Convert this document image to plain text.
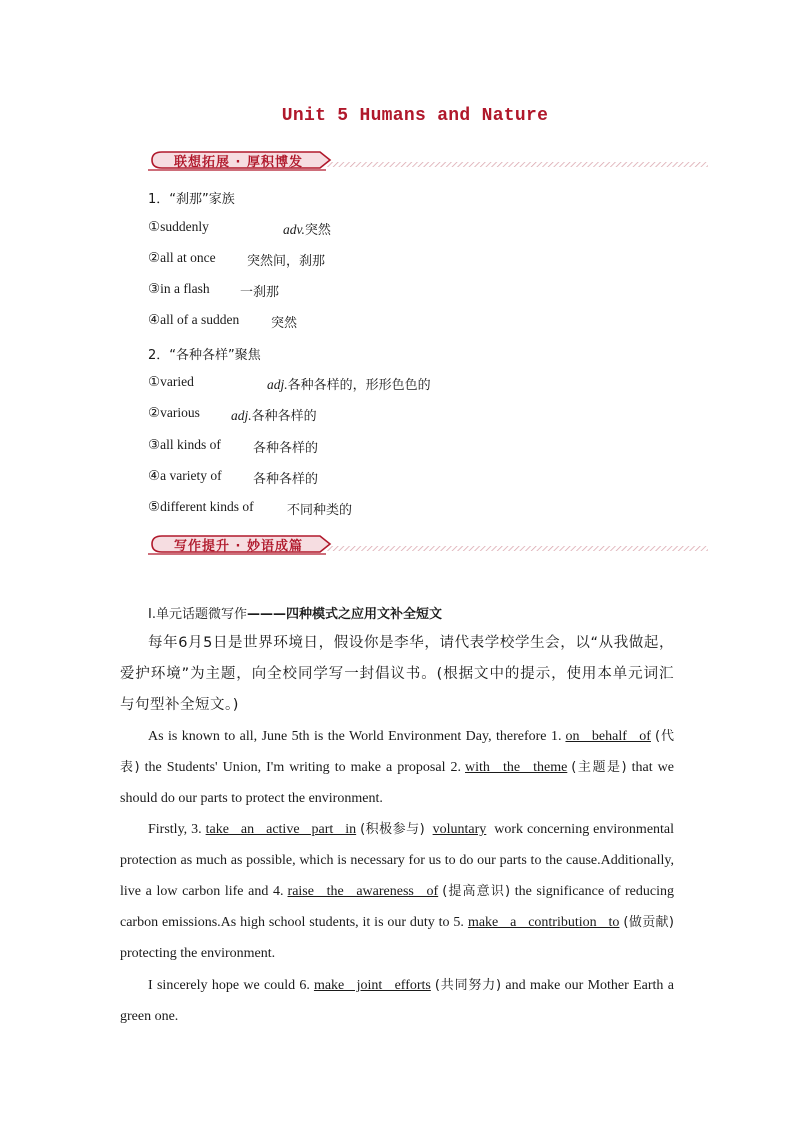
Unit 5 Humans and Nature
联想拓展 · 厚积博发
1．“刹那”家族
①suddenly	adv.突然
②all at once 突然间，刹那
③in a flash 一刹那
④all of a sudden 突然
2．“各种各样”聚焦
①varied	adj.各种各样的，形形色色的
②various adj.各种各样的
③all kinds of 各种各样的
④a variety of 各种各样的
⑤different kinds of	不同种类的
写作提升 · 妙语成篇
Ⅰ.单元话题微写作———四种模式之应用文补全短文
每年6月5日是世界环境日，假设你是李华，请代表学校学生会，以“从我做起，爱护环境”为主题，向全校同学写一封倡议书。(根据文中的提示，使用本单元词汇与句型补全短文。)
As is known to all, June 5th is the World Environment Day, therefore 1. on behalf of (代表) the Students' Union, I'm writing to make a proposal 2. with the theme (主题是) that we should do our parts to protect the environment.
Firstly, 3. take an active part in (积极参与) voluntary work concerning environmental protection as much as possible, which is necessary for us to do our parts to the cause.Additionally, live a low carbon life and 4. raise the awareness of (提高意识) the significance of reducing carbon emissions.As high school students, it is our duty to 5. make a contribution to (做贡献) protecting the environment.
I sincerely hope we could 6. make joint efforts (共同努力) and make our Mother Earth a green one.
